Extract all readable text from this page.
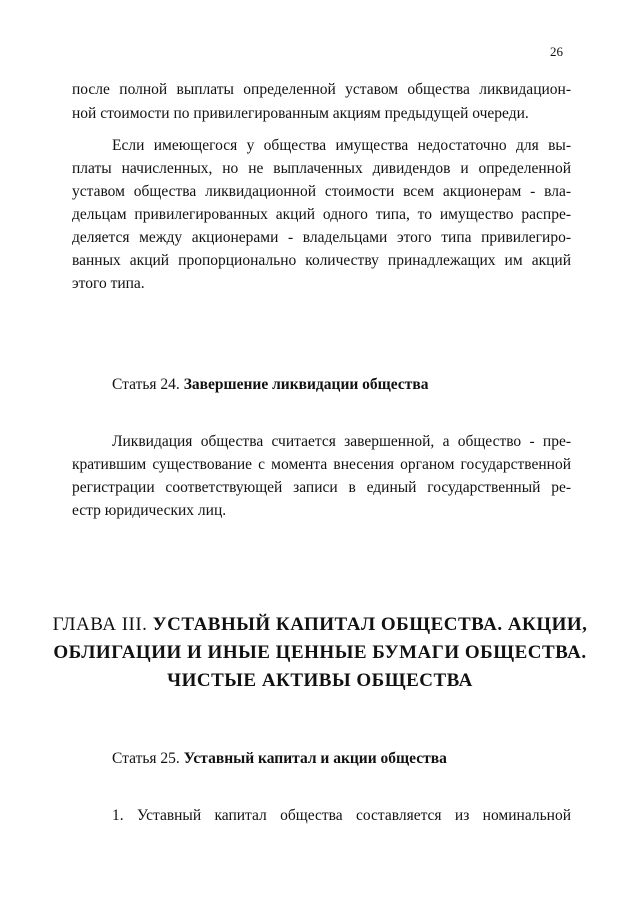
26
после полной выплаты определенной уставом общества ликвидацион-
ной стоимости по привилегированным акциям предыдущей очереди.
Если имеющегося у общества имущества недостаточно для вы-
платы начисленных, но не выплаченных дивидендов и определенной
уставом общества ликвидационной стоимости всем акционерам - вла-
дельцам привилегированных акций одного типа, то имущество распре-
деляется между акционерами - владельцами этого типа привилегиро-
ванных акций пропорционально количеству принадлежащих им акций
этого типа.
Статья 24. Завершение ликвидации общества
Ликвидация общества считается завершенной, а общество - пре-
кратившим существование с момента внесения органом государственной
регистрации соответствующей записи в единый государственный ре-
естр юридических лиц.
ГЛАВА III. УСТАВНЫЙ КАПИТАЛ ОБЩЕСТВА. АКЦИИ,
ОБЛИГАЦИИ И ИНЫЕ ЦЕННЫЕ БУМАГИ ОБЩЕСТВА.
ЧИСТЫЕ АКТИВЫ ОБЩЕСТВА
Статья 25. Уставный капитал и акции общества
1. Уставный капитал общества составляется из номинальной
